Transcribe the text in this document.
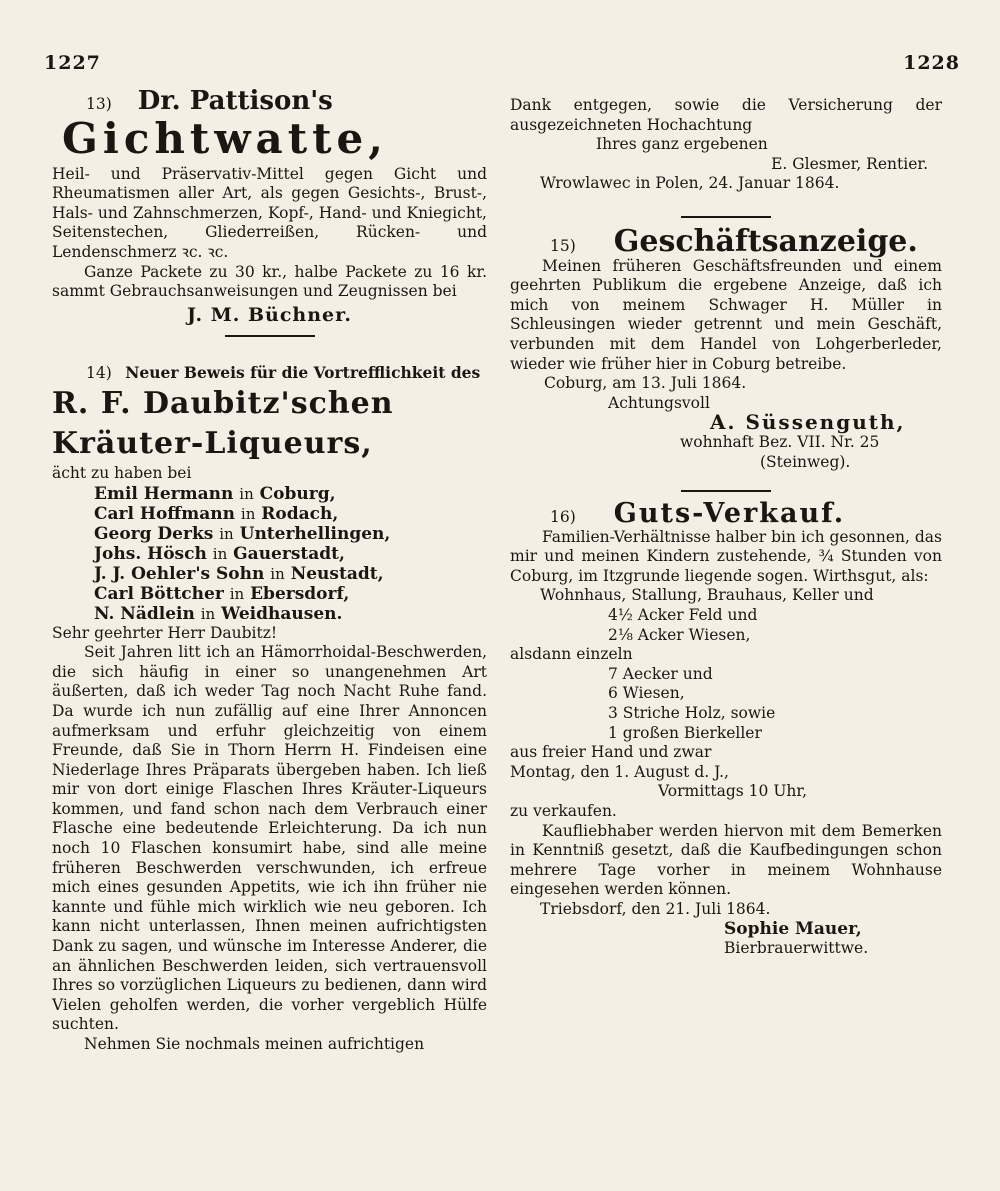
1227	1228
13) Dr. Pattison's
Gichtwatte,

Heil- und Präservativ-Mittel gegen Gicht und Rheumatismen aller Art, als gegen Gesichts-, Brust-, Hals- und Zahnschmerzen, Kopf-, Hand- und Kniegicht, Seitenstechen, Gliederreißen, Rücken- und Lendenschmerz ꝛc. ꝛc.

Ganze Packete zu 30 kr., halbe Packete zu 16 kr. sammt Gebrauchsanweisungen und Zeugnissen bei

J. M. Büchner.
14) Neuer Beweis für die Vortrefflichkeit des
R. F. Daubitz'schen Kräuter-Liqueurs,

ächt zu haben bei

Emil Hermann in Coburg,
Carl Hoffmann in Rodach,
Georg Derks in Unterhellingen,
Johs. Hösch in Gauerstadt,
J. J. Oehler's Sohn in Neustadt,
Carl Böttcher in Ebersdorf,
N. Nädlein in Weidhausen.

Sehr geehrter Herr Daubitz!

Seit Jahren litt ich an Hämorrhoidal-Beschwerden, die sich häufig in einer so unangenehmen Art äußerten, daß ich weder Tag noch Nacht Ruhe fand. Da wurde ich nun zufällig auf eine Ihrer Annoncen aufmerksam und erfuhr gleichzeitig von einem Freunde, daß Sie in Thorn Herrn H. Findeisen eine Niederlage Ihres Präparats übergeben haben. Ich ließ mir von dort einige Flaschen Ihres Kräuter-Liqueurs kommen, und fand schon nach dem Verbrauch einer Flasche eine bedeutende Erleichterung. Da ich nun noch 10 Flaschen konsumirt habe, sind alle meine früheren Beschwerden verschwunden, ich erfreue mich eines gesunden Appetits, wie ich ihn früher nie kannte und fühle mich wirklich wie neu geboren. Ich kann nicht unterlassen, Ihnen meinen aufrichtigsten Dank zu sagen, und wünsche im Interesse Anderer, die an ähnlichen Beschwerden leiden, sich vertrauensvoll Ihres so vorzüglichen Liqueurs zu bedienen, dann wird Vielen geholfen werden, die vorher vergeblich Hülfe suchten.

Nehmen Sie nochmals meinen aufrichtigen

Dank entgegen, sowie die Versicherung der ausgezeichneten Hochachtung

Ihres ganz ergebenen

E. Glesmer, Rentier.

Wrowlawec in Polen, 24. Januar 1864.

15) Geschäftsanzeige.

Meinen früheren Geschäftsfreunden und einem geehrten Publikum die ergebene Anzeige, daß ich mich von meinem Schwager H. Müller in Schleusingen wieder getrennt und mein Geschäft, verbunden mit dem Handel von Lohgerberleder, wieder wie früher hier in Coburg betreibe.

Coburg, am 13. Juli 1864.

Achtungsvoll

A. Süssenguth,

wohnhaft Bez. VII. Nr. 25

(Steinweg).

16) Guts-Verkauf.

Familien-Verhältnisse halber bin ich gesonnen, das mir und meinen Kindern zustehende, ¾ Stunden von Coburg, im Itzgrunde liegende sogen. Wirthsgut, als:

Wohnhaus, Stallung, Brauhaus, Keller und
4½ Acker Feld und
2⅛ Acker Wiesen,

alsdann einzeln

7 Aecker und
6 Wiesen,
3 Striche Holz, sowie
1 großen Bierkeller

aus freier Hand und zwar

Montag, den 1. August d. J.,

Vormittags 10 Uhr,

zu verkaufen.

Kaufliebhaber werden hiervon mit dem Bemerken in Kenntniß gesetzt, daß die Kaufbedingungen schon mehrere Tage vorher in meinem Wohnhause eingesehen werden können.

Triebsdorf, den 21. Juli 1864.

Sophie Mauer,

Bierbrauerwittwe.
